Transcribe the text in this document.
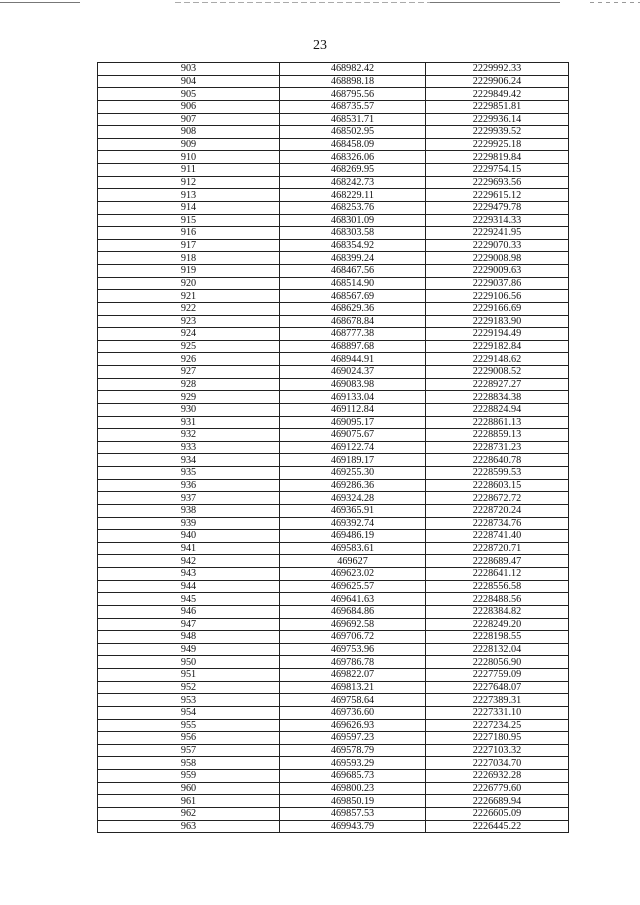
23
903	468982.42	2229992.33
904	468898.18	2229906.24
905	468795.56	2229849.42
906	468735.57	2229851.81
907	468531.71	2229936.14
908	468502.95	2229939.52
909	468458.09	2229925.18
910	468326.06	2229819.84
911	468269.95	2229754.15
912	468242.73	2229693.56
913	468229.11	2229615.12
914	468253.76	2229479.78
915	468301.09	2229314.33
916	468303.58	2229241.95
917	468354.92	2229070.33
918	468399.24	2229008.98
919	468467.56	2229009.63
920	468514.90	2229037.86
921	468567.69	2229106.56
922	468629.36	2229166.69
923	468678.84	2229183.90
924	468777.38	2229194.49
925	468897.68	2229182.84
926	468944.91	2229148.62
927	469024.37	2229008.52
928	469083.98	2228927.27
929	469133.04	2228834.38
930	469112.84	2228824.94
931	469095.17	2228861.13
932	469075.67	2228859.13
933	469122.74	2228731.23
934	469189.17	2228640.78
935	469255.30	2228599.53
936	469286.36	2228603.15
937	469324.28	2228672.72
938	469365.91	2228720.24
939	469392.74	2228734.76
940	469486.19	2228741.40
941	469583.61	2228720.71
942	469627	2228689.47
943	469623.02	2228641.12
944	469625.57	2228556.58
945	469641.63	2228488.56
946	469684.86	2228384.82
947	469692.58	2228249.20
948	469706.72	2228198.55
949	469753.96	2228132.04
950	469786.78	2228056.90
951	469822.07	2227759.09
952	469813.21	2227648.07
953	469758.64	2227389.31
954	469736.60	2227331.10
955	469626.93	2227234.25
956	469597.23	2227180.95
957	469578.79	2227103.32
958	469593.29	2227034.70
959	469685.73	2226932.28
960	469800.23	2226779.60
961	469850.19	2226689.94
962	469857.53	2226605.09
963	469943.79	2226445.22
